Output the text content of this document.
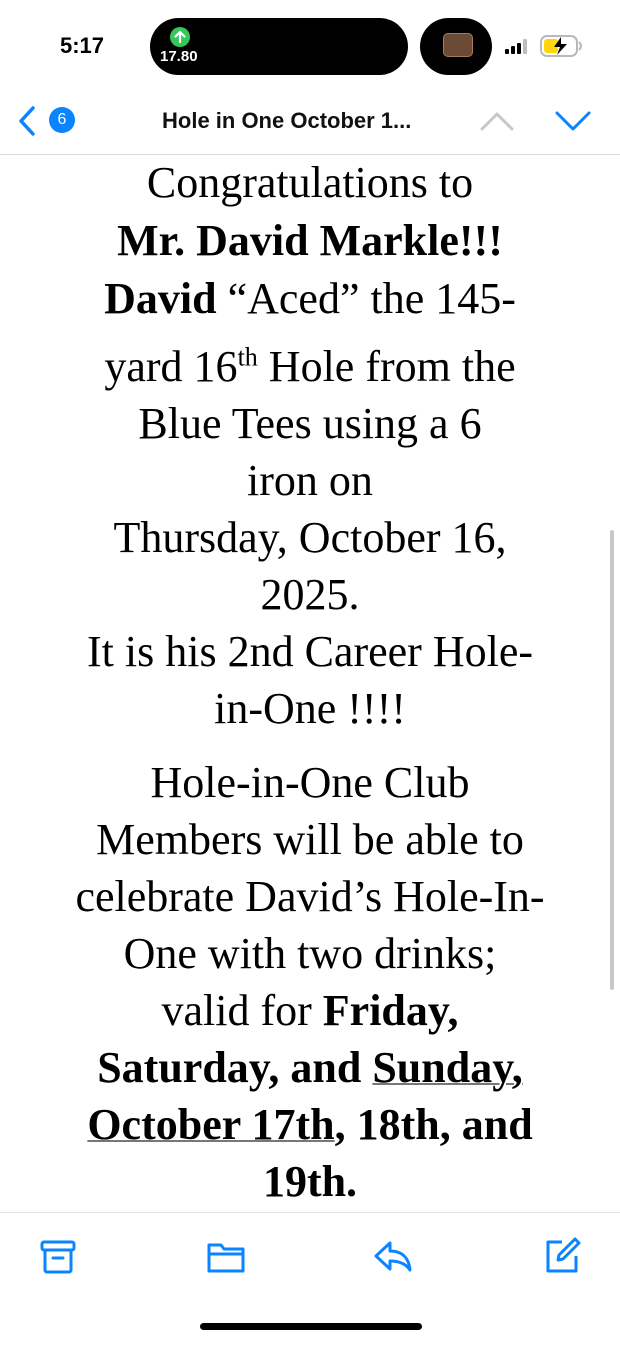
5:17	17.80
6	Hole in One October 1...
Congratulations to
Mr. David Markle!!!
David “Aced” the 145-
yard 16th Hole from the
Blue Tees using a 6
iron on
Thursday, October 16,
2025.
It is his 2nd Career Hole-
in-One !!!!
Hole-in-One Club
Members will be able to
celebrate David’s Hole-In-
One with two drinks;
valid for Friday,
Saturday, and Sunday,
October 17th, 18th, and
19th.
